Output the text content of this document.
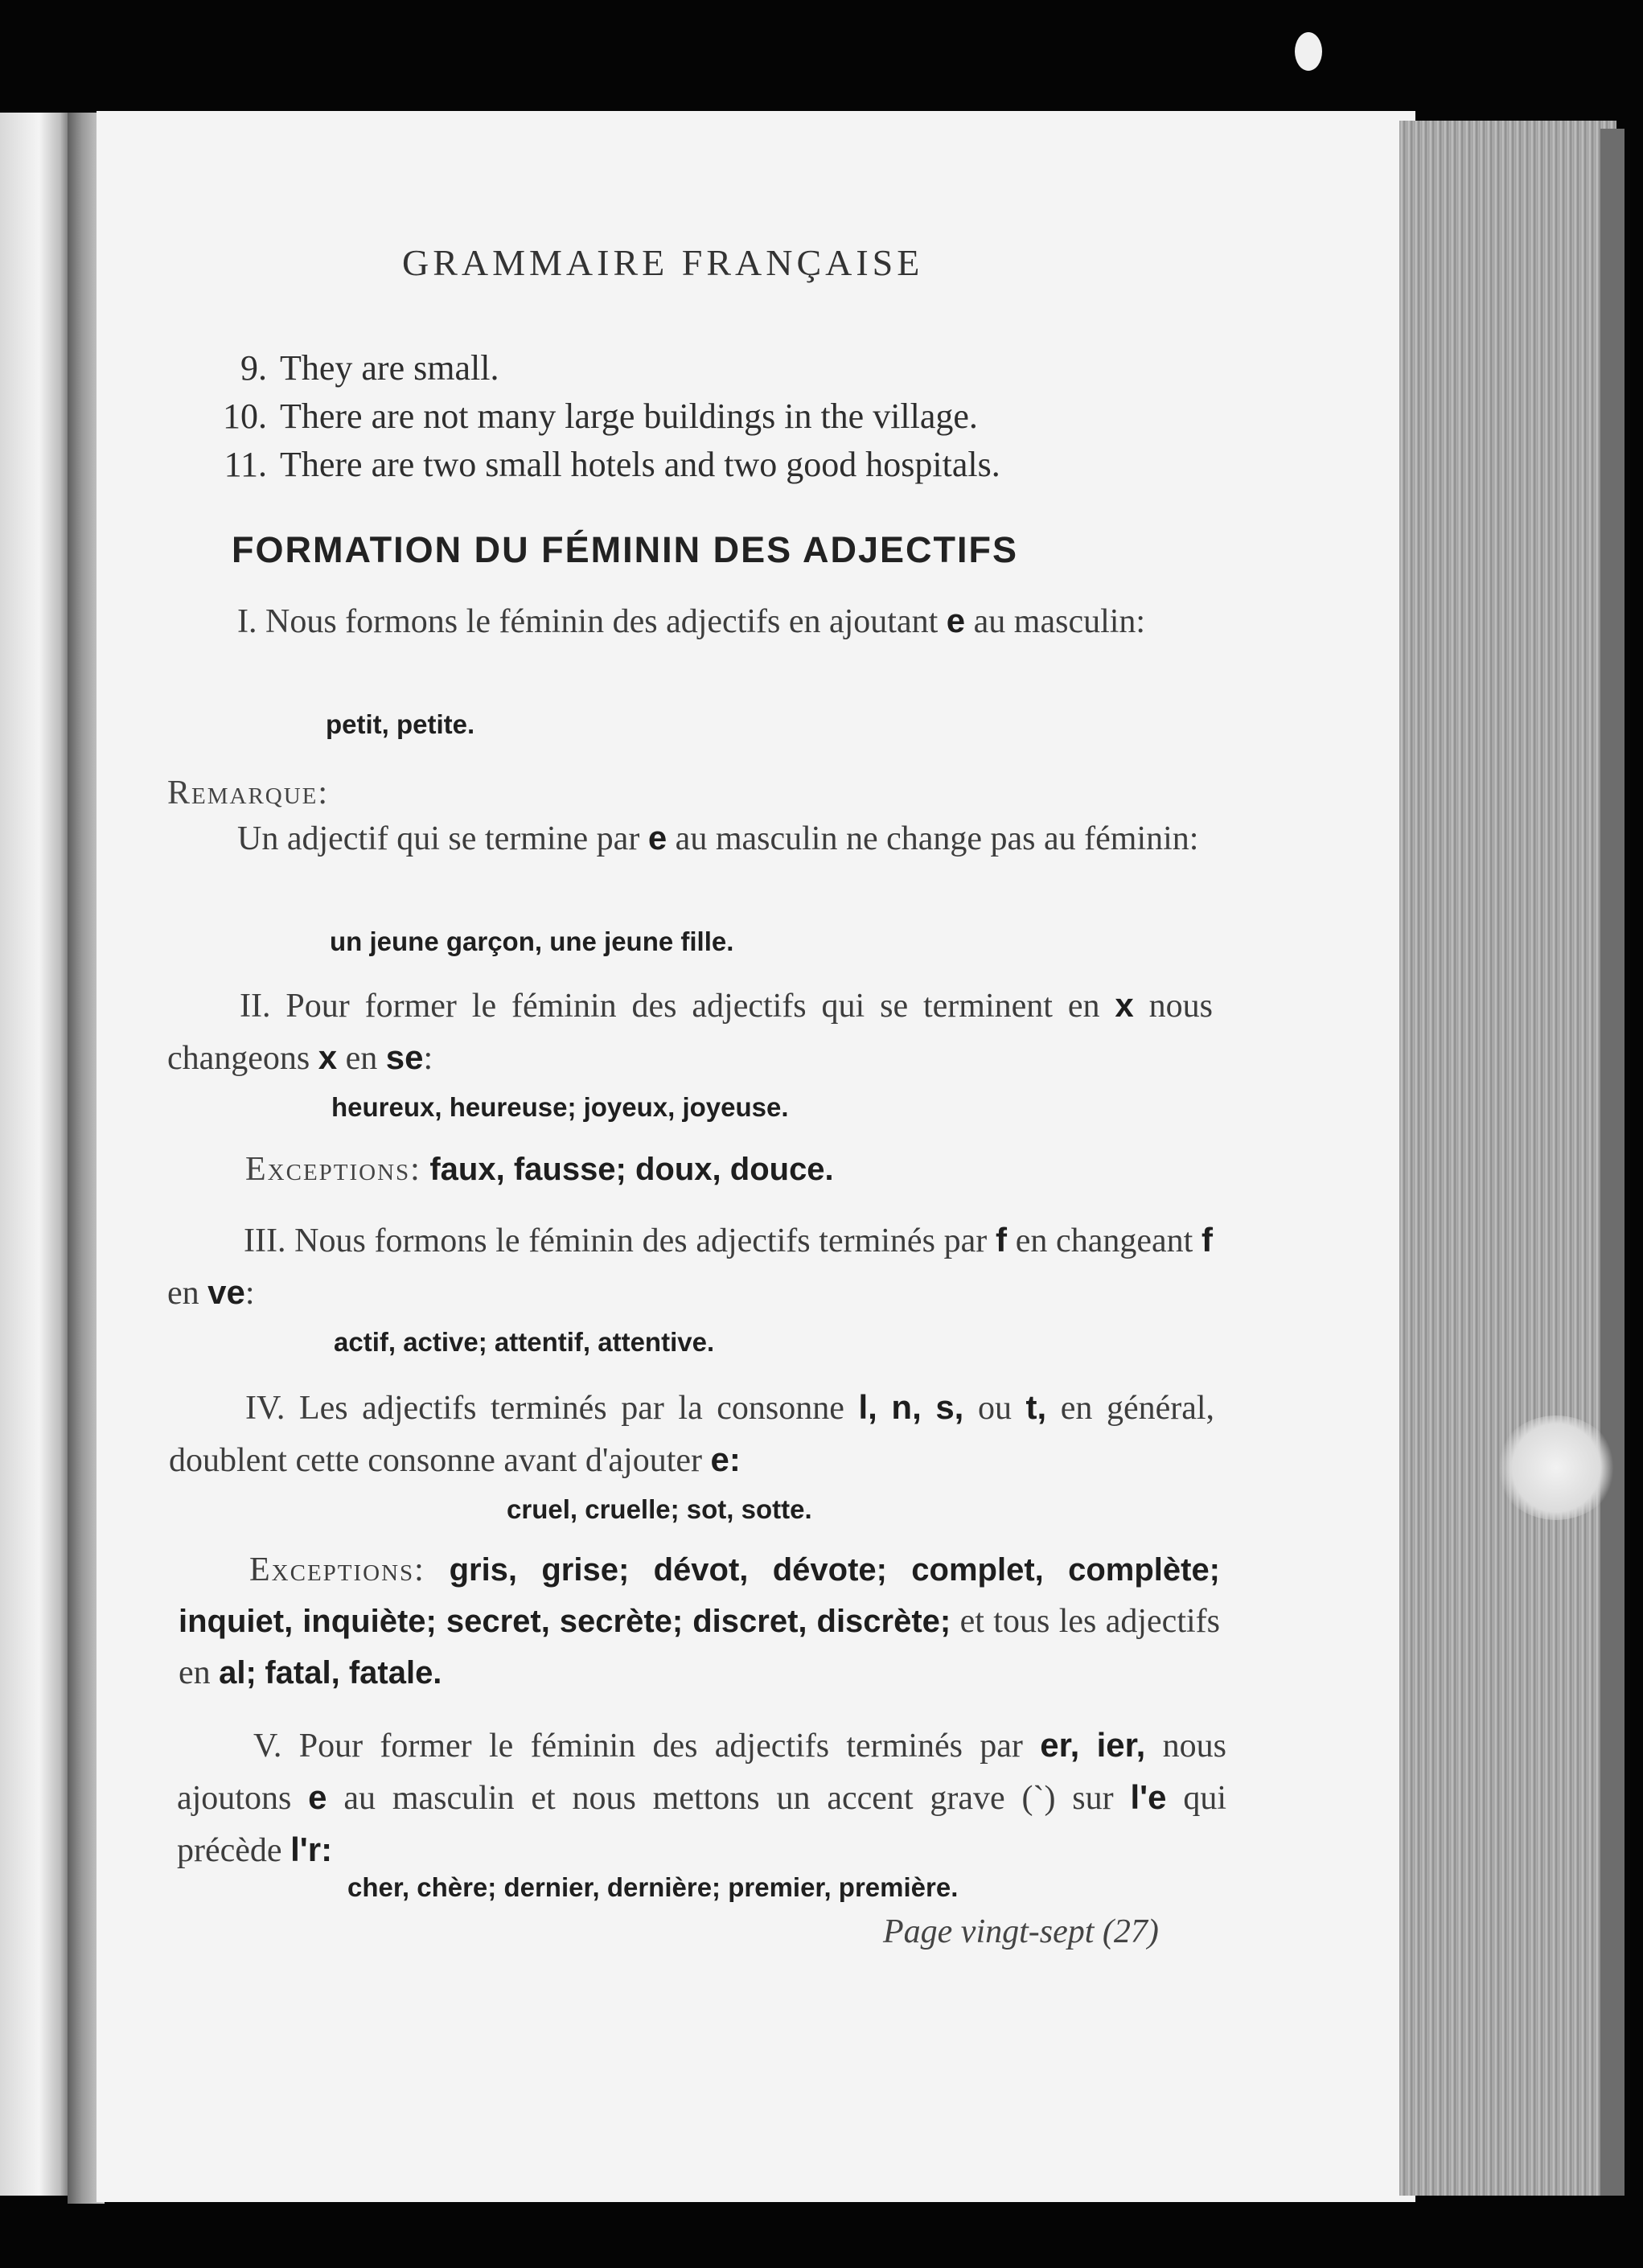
GRAMMAIRE FRANÇAISE
9. They are small.
10. There are not many large buildings in the village.
11. There are two small hotels and two good hospitals.
FORMATION DU FÉMININ DES ADJECTIFS

I. Nous formons le féminin des adjectifs en ajoutant e au masculin:

petit, petite.
Remarque:

Un adjectif qui se termine par e au masculin ne change pas au féminin:

un jeune garçon, une jeune fille.

II. Pour former le féminin des adjectifs qui se terminent en x nous changeons x en se:

heureux, heureuse; joyeux, joyeuse.
Exceptions: faux, fausse; doux, douce.

III. Nous formons le féminin des adjectifs terminés par f en changeant f en ve:

actif, active; attentif, attentive.

IV. Les adjectifs terminés par la consonne l, n, s, ou t, en général, doublent cette consonne avant d'ajouter e:

cruel, cruelle; sot, sotte.

Exceptions: gris, grise; dévot, dévote; complet, complète; inquiet, inquiète; secret, secrète; discret, discrète; et tous les adjectifs en al; fatal, fatale.

V. Pour former le féminin des adjectifs terminés par er, ier, nous ajoutons e au masculin et nous mettons un accent grave (`) sur l'e qui précède l'r:

cher, chère; dernier, dernière; premier, première.
Page vingt-sept (27)
